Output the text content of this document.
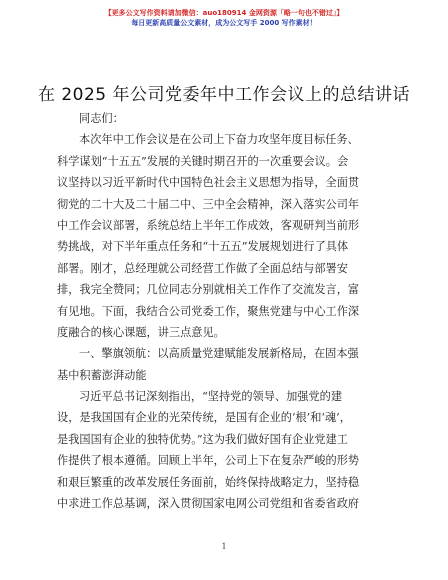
【更多公文写作资料请加微信：auo180914 金网资源「略一句也不错过」】
每日更新高质量公文素材，成为公文写手 2000 写作素材！
在 2025 年公司党委年中工作会议上的总结讲话
同志们：
本次年中工作会议是在公司上下奋力攻坚年度目标任务、
科学谋划“十五五”发展的关键时期召开的一次重要会议。会
议坚持以习近平新时代中国特色社会主义思想为指导，全面贯
彻党的二十大及二十届二中、三中全会精神，深入落实公司年
中工作会议部署，系统总结上半年工作成效，客观研判当前形
势挑战，对下半年重点任务和“十五五”发展规划进行了具体
部署。刚才，总经理就公司经营工作做了全面总结与部署安
排，我完全赞同；几位同志分别就相关工作作了交流发言，富
有见地。下面，我结合公司党委工作，聚焦党建与中心工作深
度融合的核心课题，讲三点意见。
一、擎旗领航：以高质量党建赋能发展新格局，在固本强
基中积蓄澎湃动能
习近平总书记深刻指出，“坚持党的领导、加强党的建
设，是我国国有企业的光荣传统，是国有企业的‘根’和‘魂’，
是我国国有企业的独特优势。”这为我们做好国有企业党建工
作提供了根本遵循。回顾上半年，公司上下在复杂严峻的形势
和艰巨繁重的改革发展任务面前，始终保持战略定力，坚持稳
中求进工作总基调，深入贯彻国家电网公司党组和省委省政府
1
